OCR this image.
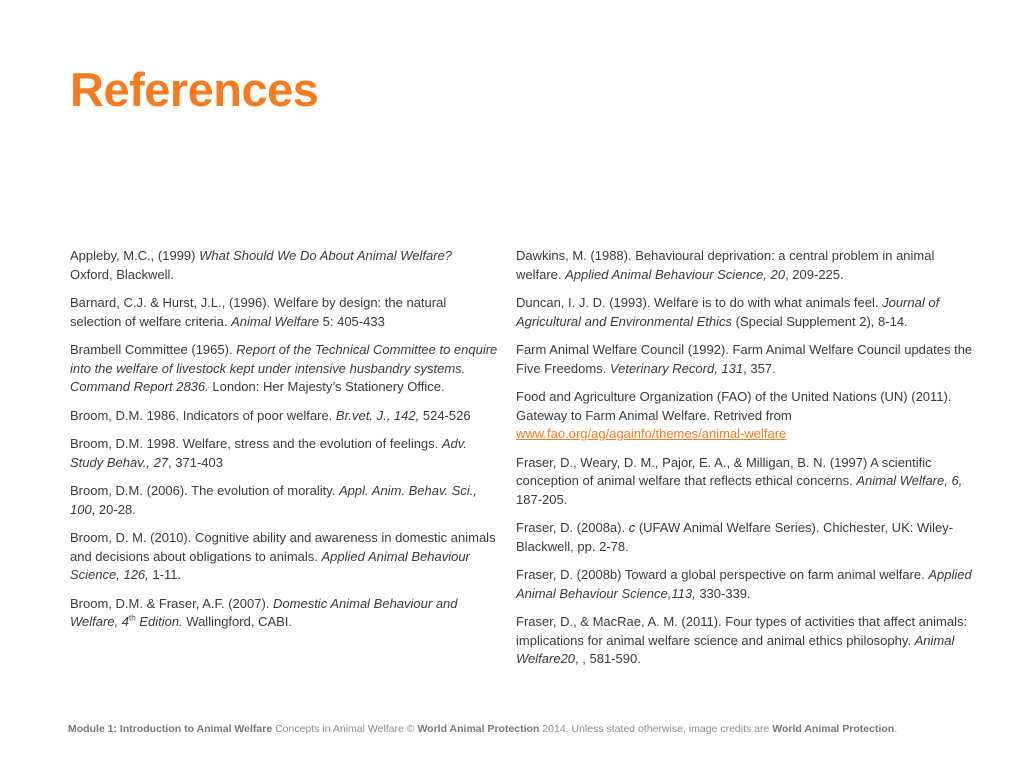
References

Appleby, M.C., (1999) What Should We Do About Animal Welfare?
Oxford, Blackwell.

Barnard, C.J. & Hurst, J.L., (1996). Welfare by design: the natural selection of welfare criteria. Animal Welfare 5: 405-433

Brambell Committee (1965). Report of the Technical Committee to enquire into the welfare of livestock kept under intensive husbandry systems. Command Report 2836. London: Her Majesty’s Stationery Office.

Broom, D.M. 1986. Indicators of poor welfare. Br.vet. J., 142, 524-526

Broom, D.M. 1998. Welfare, stress and the evolution of feelings. Adv. Study Behav., 27, 371-403

Broom, D.M. (2006). The evolution of morality. Appl. Anim. Behav. Sci., 100, 20-28.

Broom, D. M. (2010). Cognitive ability and awareness in domestic animals and decisions about obligations to animals. Applied Animal Behaviour Science, 126, 1-11.

Broom, D.M. & Fraser, A.F. (2007). Domestic Animal Behaviour and Welfare, 4th Edition. Wallingford, CABI.

Dawkins, M. (1988). Behavioural deprivation: a central problem in animal welfare. Applied Animal Behaviour Science, 20, 209-225.

Duncan, I. J. D. (1993). Welfare is to do with what animals feel. Journal of Agricultural and Environmental Ethics (Special Supplement 2), 8-14.

Farm Animal Welfare Council (1992). Farm Animal Welfare Council updates the Five Freedoms. Veterinary Record, 131, 357.

Food and Agriculture Organization (FAO) of the United Nations (UN) (2011). Gateway to Farm Animal Welfare. Retrived from www.fao.org/ag/againfo/themes/animal-welfare

Fraser, D., Weary, D. M., Pajor, E. A., & Milligan, B. N. (1997) A scientific conception of animal welfare that reflects ethical concerns. Animal Welfare, 6, 187-205.

Fraser, D. (2008a). c (UFAW Animal Welfare Series). Chichester, UK: Wiley-Blackwell, pp. 2-78.

Fraser, D. (2008b) Toward a global perspective on farm animal welfare. Applied Animal Behaviour Science,113, 330-339.

Fraser, D., & MacRae, A. M. (2011). Four types of activities that affect animals: implications for animal welfare science and animal ethics philosophy. Animal Welfare20, , 581-590.

Module 1: Introduction to Animal Welfare Concepts in Animal Welfare © World Animal Protection 2014. Unless stated otherwise, image credits are World Animal Protection.
